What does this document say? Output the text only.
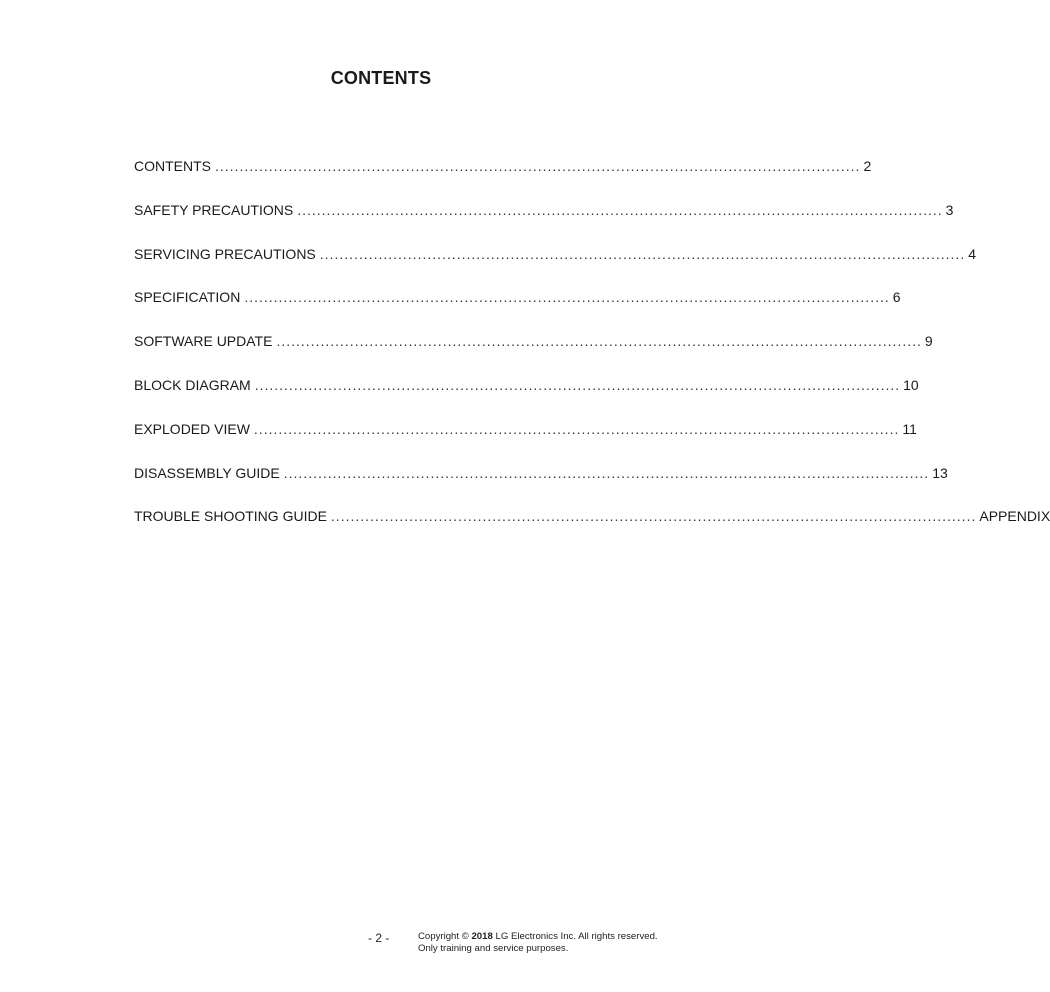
CONTENTS
CONTENTS .................................................................................................................................... 2
SAFETY PRECAUTIONS .................................................................................................................................... 3
SERVICING PRECAUTIONS .................................................................................................................................... 4
SPECIFICATION .................................................................................................................................... 6
SOFTWARE UPDATE .................................................................................................................................... 9
BLOCK DIAGRAM .................................................................................................................................... 10
EXPLODED VIEW .................................................................................................................................... 11
DISASSEMBLY GUIDE .................................................................................................................................... 13
TROUBLE SHOOTING GUIDE .................................................................................................................................... APPENDIX
- 2 -	Copyright © 2018 LG Electronics Inc. All rights reserved.
Only training and service purposes.
